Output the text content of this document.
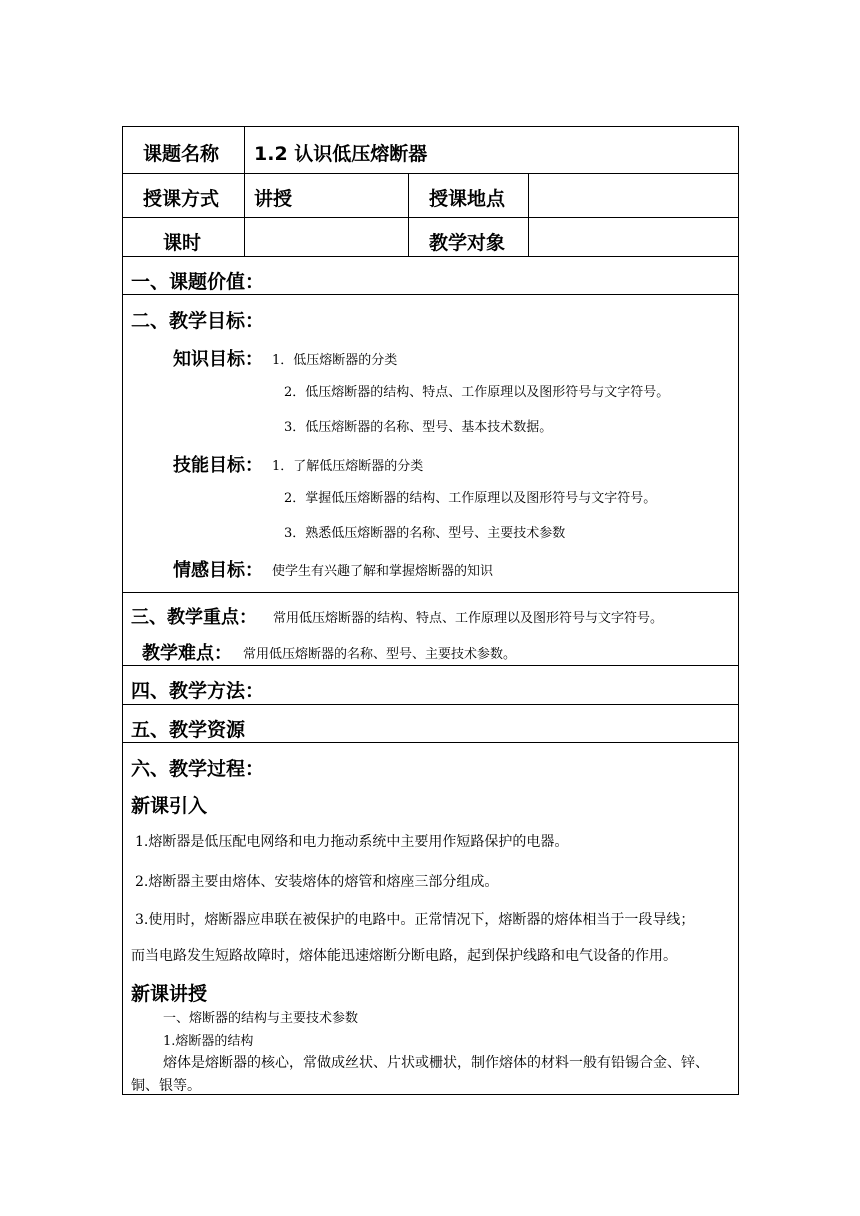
课题名称 1.2 认识低压熔断器
授课方式 讲授	授课地点
课时	教学对象
一、课题价值：
二、教学目标：
知识目标： 1．低压熔断器的分类
2．低压熔断器的结构、特点、工作原理以及图形符号与文字符号。
3．低压熔断器的名称、型号、基本技术数据。
技能目标： 1．了解低压熔断器的分类
2．掌握低压熔断器的结构、工作原理以及图形符号与文字符号。
3．熟悉低压熔断器的名称、型号、主要技术参数
情感目标： 使学生有兴趣了解和掌握熔断器的知识
三、教学重点： 常用低压熔断器的结构、特点、工作原理以及图形符号与文字符号。
教学难点： 常用低压熔断器的名称、型号、主要技术参数。
四、教学方法：
五、教学资源
六、教学过程：
新课引入
1.熔断器是低压配电网络和电力拖动系统中主要用作短路保护的电器。
2.熔断器主要由熔体、安装熔体的熔管和熔座三部分组成。
3.使用时，熔断器应串联在被保护的电路中。正常情况下，熔断器的熔体相当于一段导线；
而当电路发生短路故障时，熔体能迅速熔断分断电路，起到保护线路和电气设备的作用。
新课讲授
一、熔断器的结构与主要技术参数
1.熔断器的结构
熔体是熔断器的核心，常做成丝状、片状或栅状，制作熔体的材料一般有铅锡合金、锌、
铜、银等。
